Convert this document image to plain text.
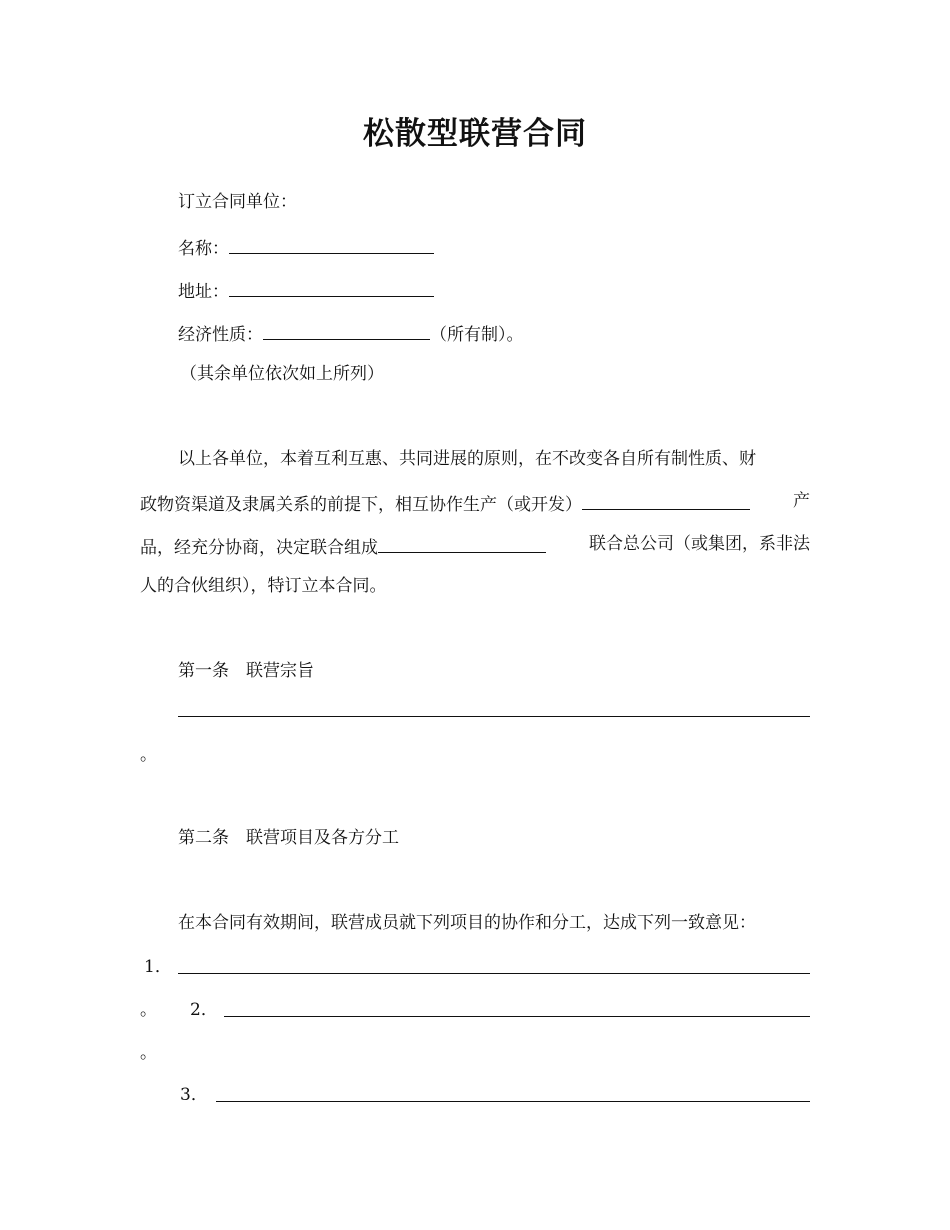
松散型联营合同
订立合同单位：
名称：
地址：
经济性质：	（所有制）。
（其余单位依次如上所列）
以上各单位，本着互利互惠、共同进展的原则，在不改变各自所有制性质、财
政物资渠道及隶属关系的前提下，相互协作生产（或开发）	产
品，经充分协商，决定联合组成	联合总公司（或集团，系非法
人的合伙组织），特订立本合同。
第一条　联营宗旨
。
第二条　联营项目及各方分工
在本合同有效期间，联营成员就下列项目的协作和分工，达成下列一致意见：
1．
。 2．
。
3．
